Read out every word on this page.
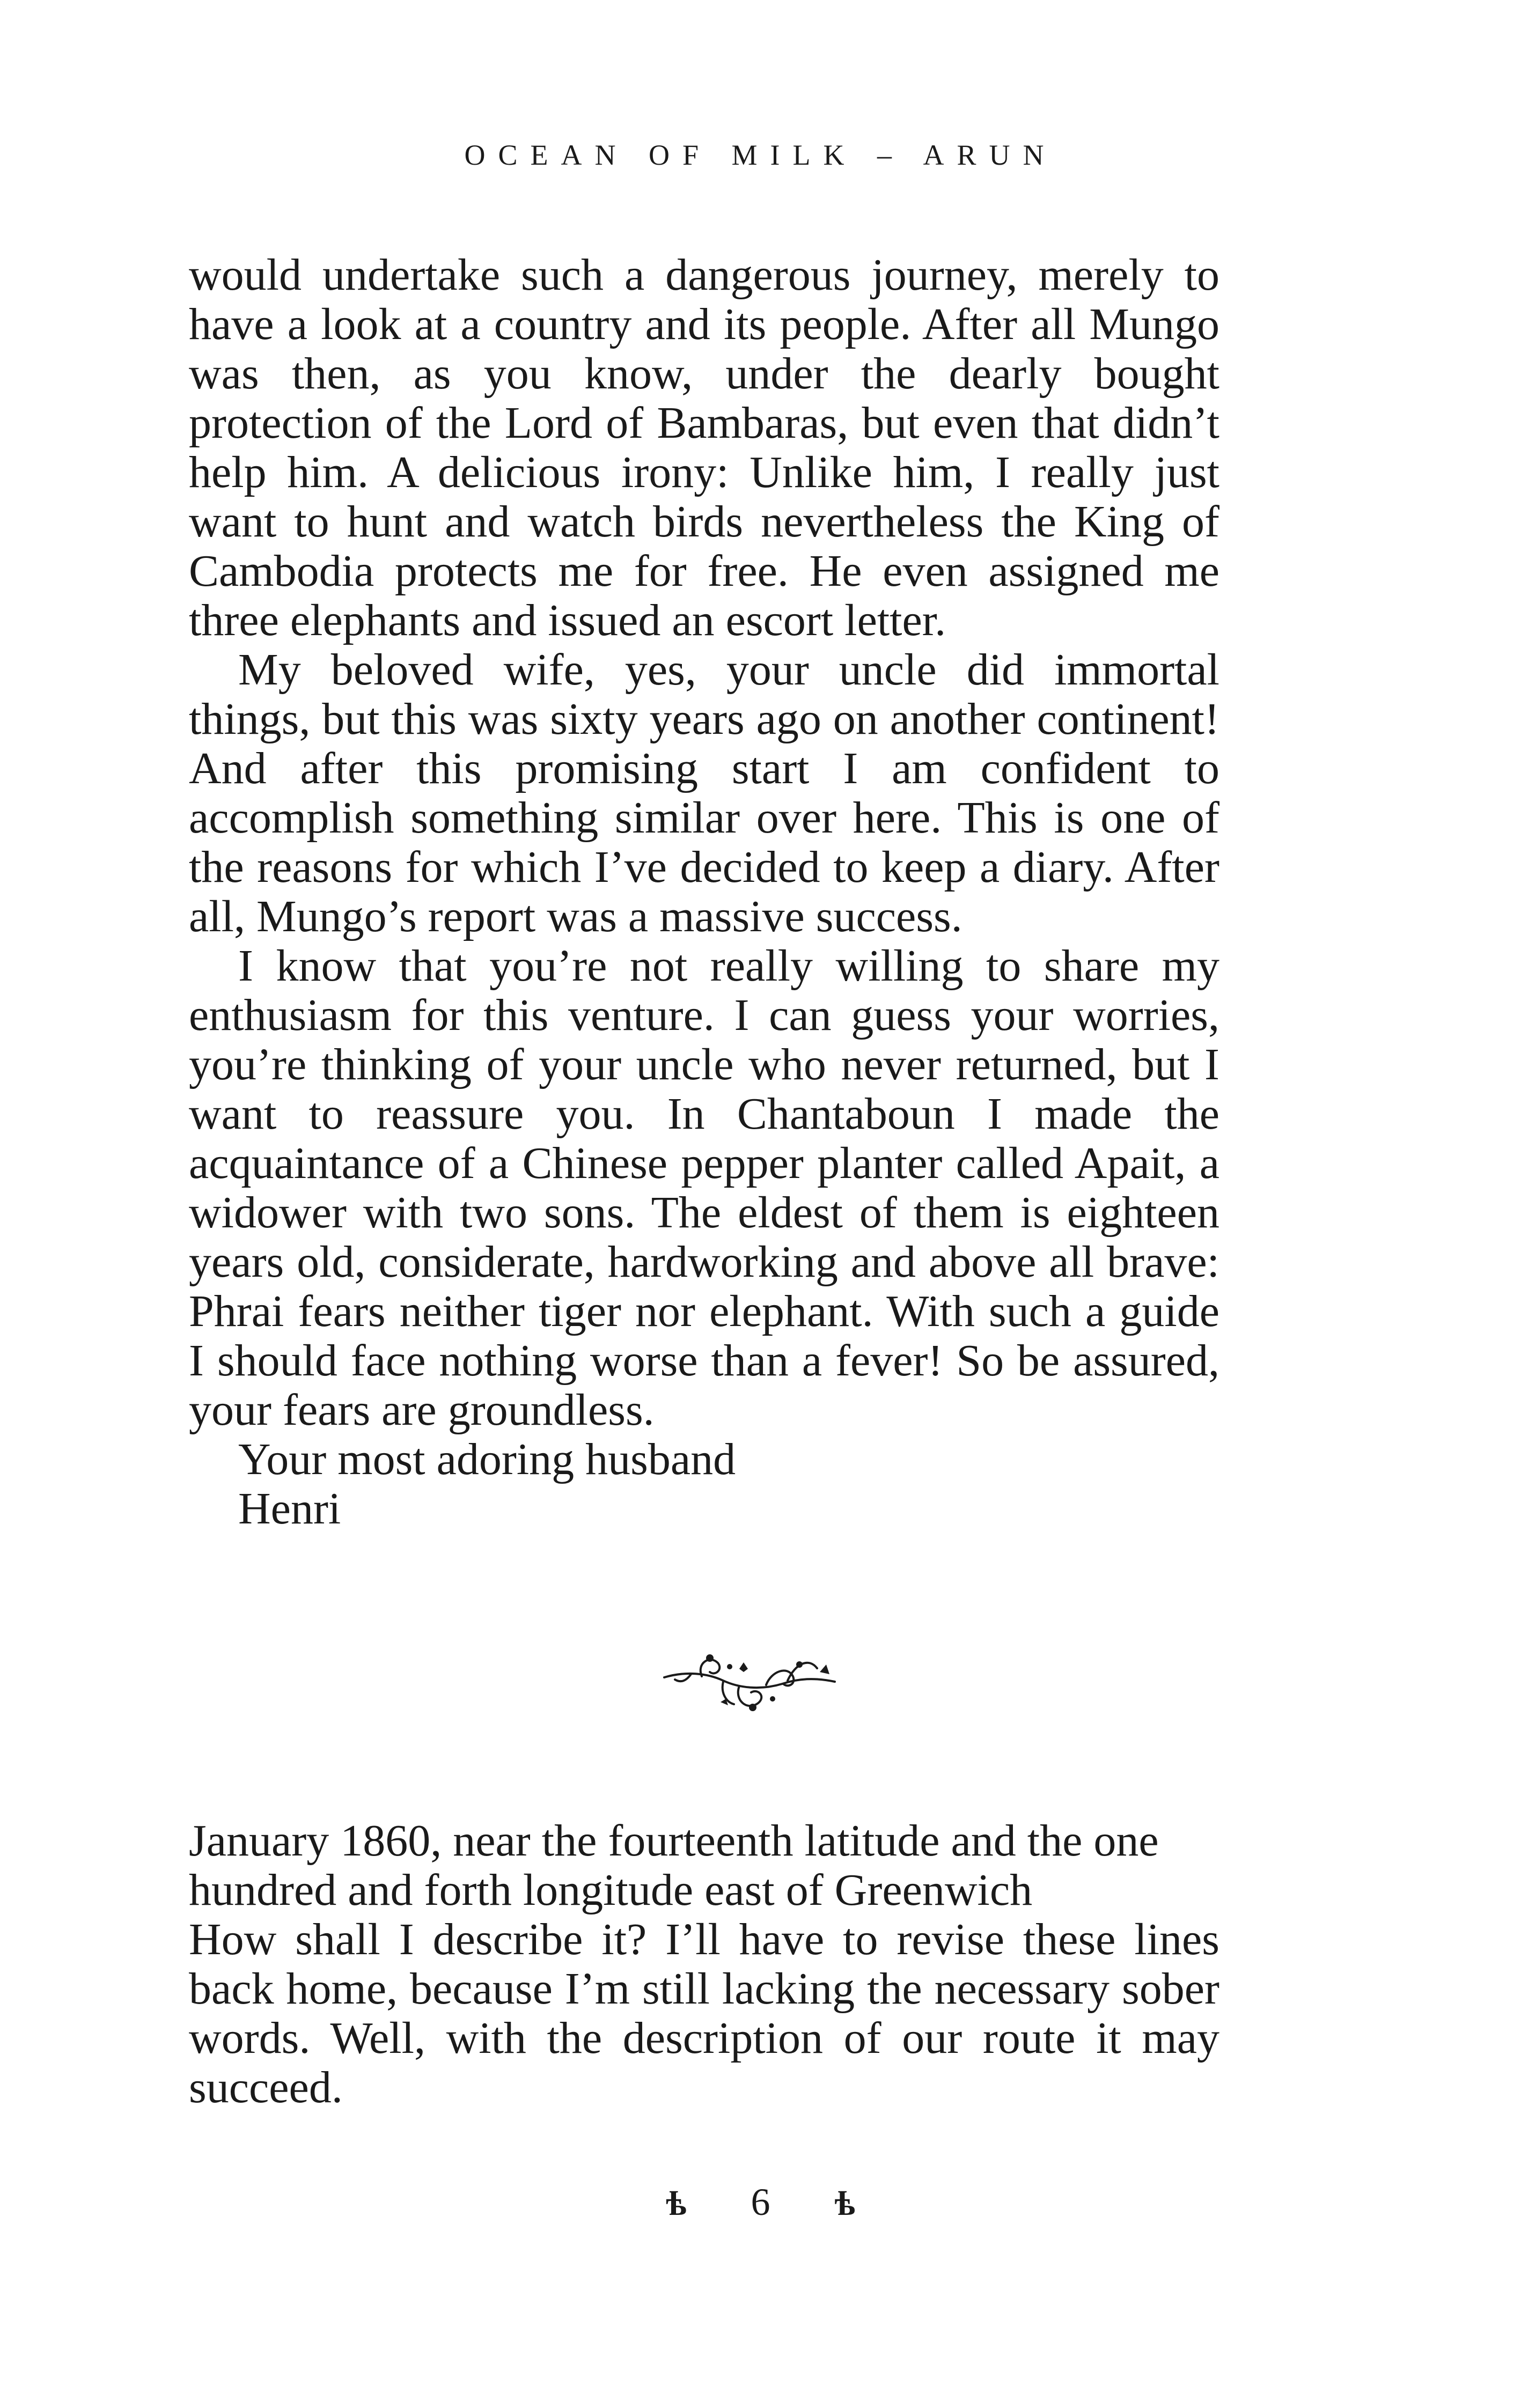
OCEAN OF MILK – ARUN

would undertake such a dangerous journey, merely to have a look at a country and its people. After all Mungo was then, as you know, under the dearly bought protection of the Lord of Bambaras, but even that didn’t help him. A delicious irony: Unlike him, I really just want to hunt and watch birds nevertheless the King of Cambodia protects me for free. He even assigned me three elephants and issued an escort letter.

My beloved wife, yes, your uncle did immortal things, but this was sixty years ago on another continent! And after this promising start I am confident to accomplish something similar over here. This is one of the reasons for which I’ve decided to keep a diary. After all, Mungo’s report was a massive success.

I know that you’re not really willing to share my enthusiasm for this venture. I can guess your worries, you’re thinking of your uncle who never returned, but I want to reassure you. In Chantaboun I made the acquaintance of a Chinese pepper planter called Apait, a widower with two sons. The eldest of them is eighteen years old, considerate, hardworking and above all brave: Phrai fears neither tiger nor elephant. With such a guide I should face nothing worse than a fever! So be assured, your fears are groundless.

Your most adoring husband

Henri

January 1860, near the fourteenth latitude and the one hundred and forth longitude east of Greenwich

How shall I describe it? I’ll have to revise these lines back home, because I’m still lacking the necessary sober words. Well, with the description of our route it may succeed.

ѣ 6 ѣ
